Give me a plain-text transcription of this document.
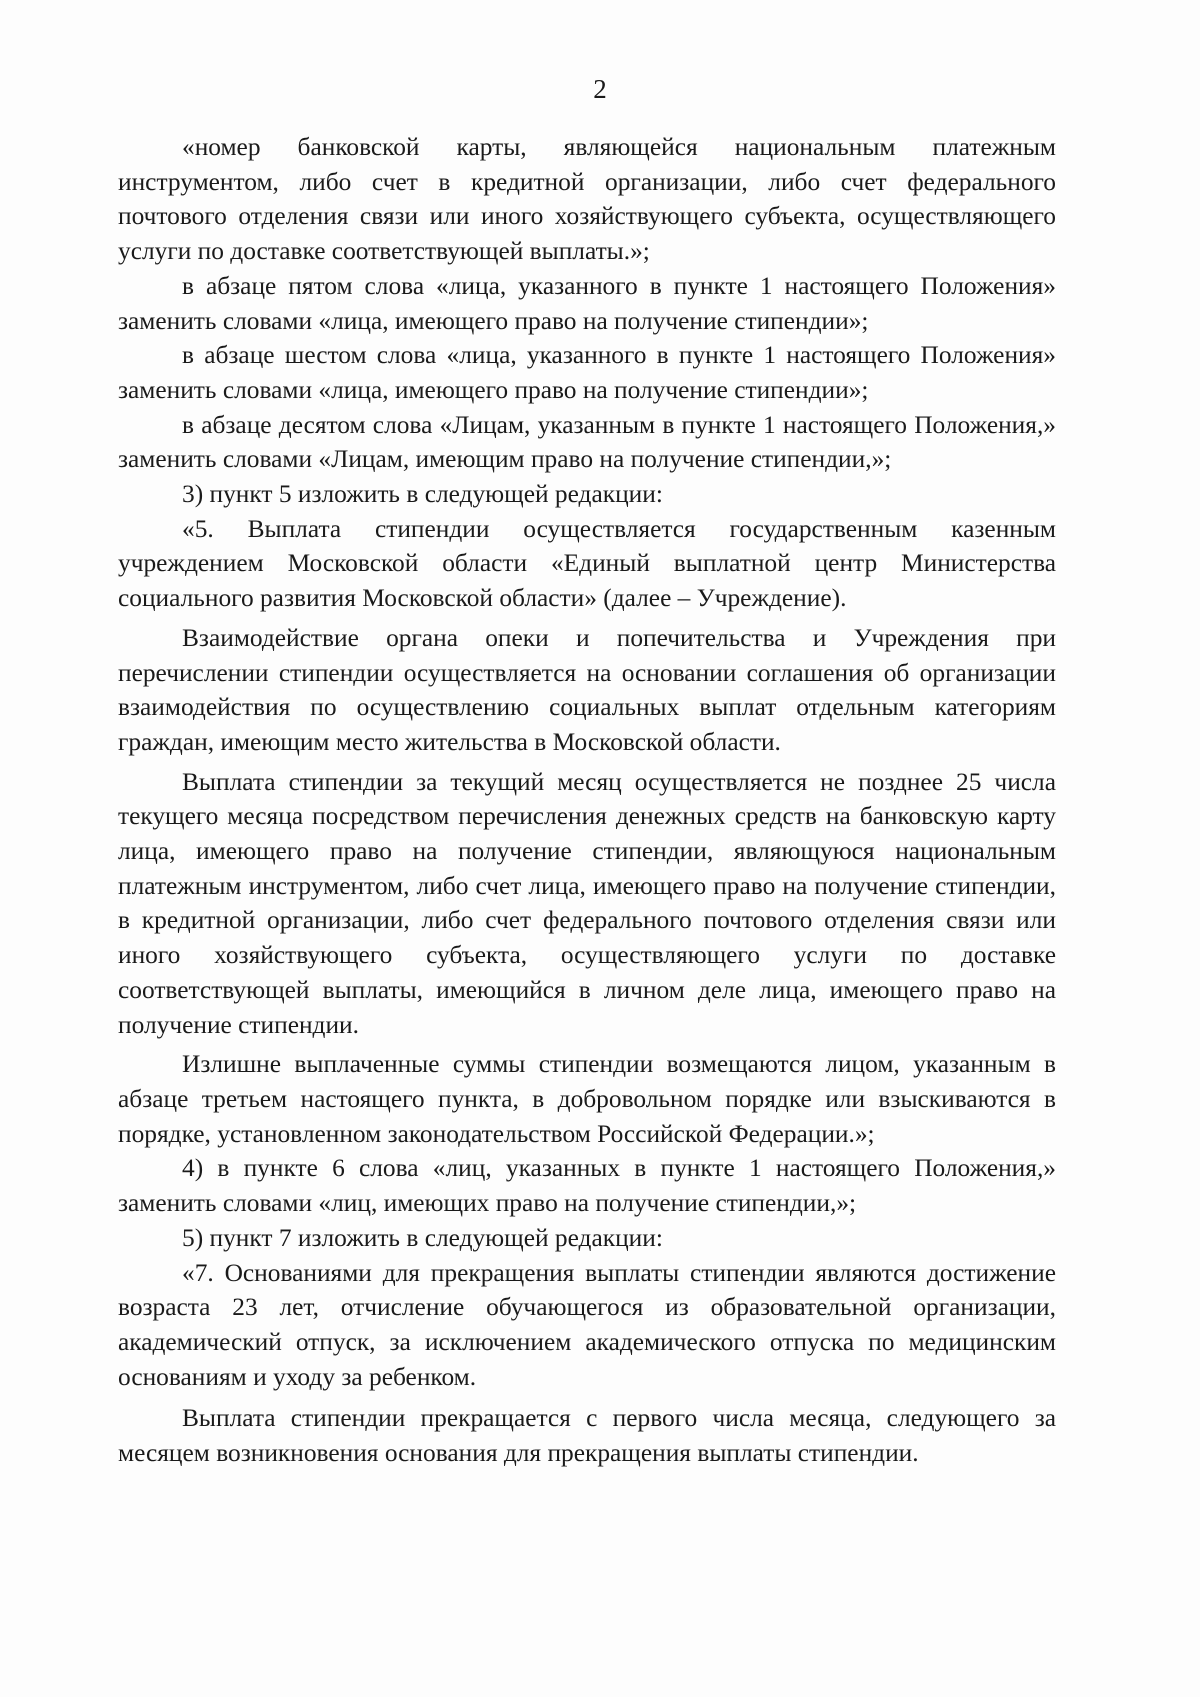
2

«номер банковской карты, являющейся национальным платежным инструментом, либо счет в кредитной организации, либо счет федерального почтового отделения связи или иного хозяйствующего субъекта, осуществляющего услуги по доставке соответствующей выплаты.»;

в абзаце пятом слова «лица, указанного в пункте 1 настоящего Положения» заменить словами «лица, имеющего право на получение стипендии»;

в абзаце шестом слова «лица, указанного в пункте 1 настоящего Положения» заменить словами «лица, имеющего право на получение стипендии»;

в абзаце десятом слова «Лицам, указанным в пункте 1 настоящего Положения,» заменить словами «Лицам, имеющим право на получение стипендии,»;

3) пункт 5 изложить в следующей редакции:

«5. Выплата стипендии осуществляется государственным казенным учреждением Московской области «Единый выплатной центр Министерства социального развития Московской области» (далее – Учреждение).

Взаимодействие органа опеки и попечительства и Учреждения при перечислении стипендии осуществляется на основании соглашения об организации взаимодействия по осуществлению социальных выплат отдельным категориям граждан, имеющим место жительства в Московской области.

Выплата стипендии за текущий месяц осуществляется не позднее 25 числа текущего месяца посредством перечисления денежных средств на банковскую карту лица, имеющего право на получение стипендии, являющуюся национальным платежным инструментом, либо счет лица, имеющего право на получение стипендии, в кредитной организации, либо счет федерального почтового отделения связи или иного хозяйствующего субъекта, осуществляющего услуги по доставке соответствующей выплаты, имеющийся в личном деле лица, имеющего право на получение стипендии.

Излишне выплаченные суммы стипендии возмещаются лицом, указанным в абзаце третьем настоящего пункта, в добровольном порядке или взыскиваются в порядке, установленном законодательством Российской Федерации.»;

4) в пункте 6 слова «лиц, указанных в пункте 1 настоящего Положения,» заменить словами «лиц, имеющих право на получение стипендии,»;

5) пункт 7 изложить в следующей редакции:

«7. Основаниями для прекращения выплаты стипендии являются достижение возраста 23 лет, отчисление обучающегося из образовательной организации, академический отпуск, за исключением академического отпуска по медицинским основаниям и уходу за ребенком.

Выплата стипендии прекращается с первого числа месяца, следующего за месяцем возникновения основания для прекращения выплаты стипендии.
